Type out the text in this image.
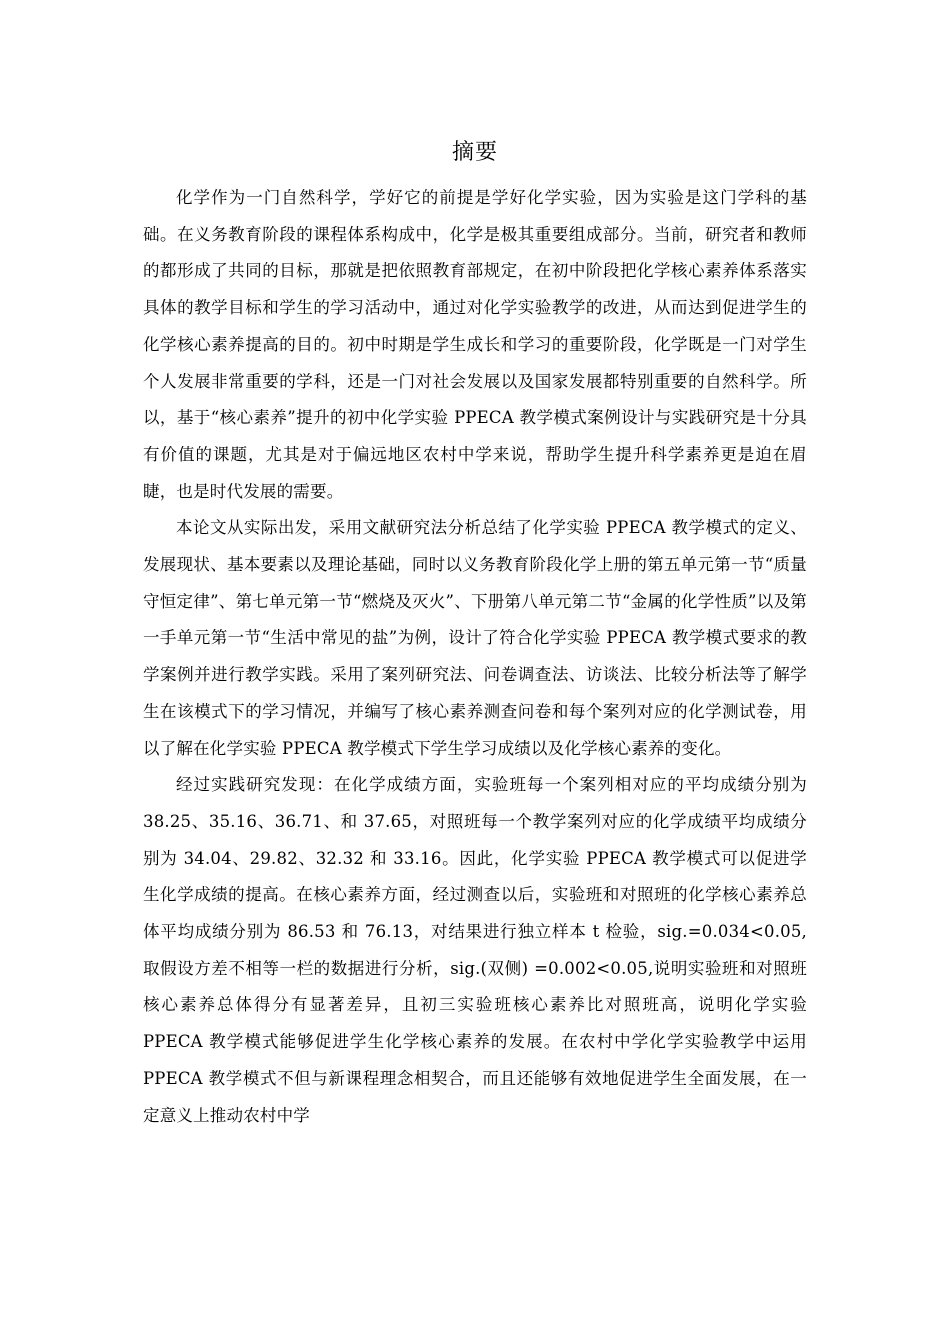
摘要

化学作为一门自然科学，学好它的前提是学好化学实验，因为实验是这门学科的基础。在义务教育阶段的课程体系构成中，化学是极其重要组成部分。当前，研究者和教师的都形成了共同的目标，那就是把依照教育部规定，在初中阶段把化学核心素养体系落实具体的教学目标和学生的学习活动中，通过对化学实验教学的改进，从而达到促进学生的化学核心素养提高的目的。初中时期是学生成长和学习的重要阶段，化学既是一门对学生个人发展非常重要的学科，还是一门对社会发展以及国家发展都特别重要的自然科学。所以，基于“核心素养”提升的初中化学实验 PPECA 教学模式案例设计与实践研究是十分具有价值的课题，尤其是对于偏远地区农村中学来说，帮助学生提升科学素养更是迫在眉睫，也是时代发展的需要。

本论文从实际出发，采用文献研究法分析总结了化学实验 PPECA 教学模式的定义、发展现状、基本要素以及理论基础，同时以义务教育阶段化学上册的第五单元第一节“质量守恒定律”、第七单元第一节“燃烧及灭火”、下册第八单元第二节“金属的化学性质”以及第一手单元第一节“生活中常见的盐”为例，设计了符合化学实验 PPECA 教学模式要求的教学案例并进行教学实践。采用了案列研究法、问卷调查法、访谈法、比较分析法等了解学生在该模式下的学习情况，并编写了核心素养测查问卷和每个案列对应的化学测试卷，用以了解在化学实验 PPECA 教学模式下学生学习成绩以及化学核心素养的变化。

经过实践研究发现：在化学成绩方面，实验班每一个案列相对应的平均成绩分别为 38.25、35.16、36.71、和 37.65，对照班每一个教学案列对应的化学成绩平均成绩分别为 34.04、29.82、32.32 和 33.16。因此，化学实验 PPECA 教学模式可以促进学生化学成绩的提高。在核心素养方面，经过测查以后，实验班和对照班的化学核心素养总体平均成绩分别为 86.53 和 76.13，对结果进行独立样本 t 检验，sig.=0.034<0.05,取假设方差不相等一栏的数据进行分析，sig.(双侧) =0.002<0.05,说明实验班和对照班核心素养总体得分有显著差异，且初三实验班核心素养比对照班高，说明化学实验 PPECA 教学模式能够促进学生化学核心素养的发展。在农村中学化学实验教学中运用 PPECA 教学模式不但与新课程理念相契合，而且还能够有效地促进学生全面发展，在一定意义上推动农村中学
